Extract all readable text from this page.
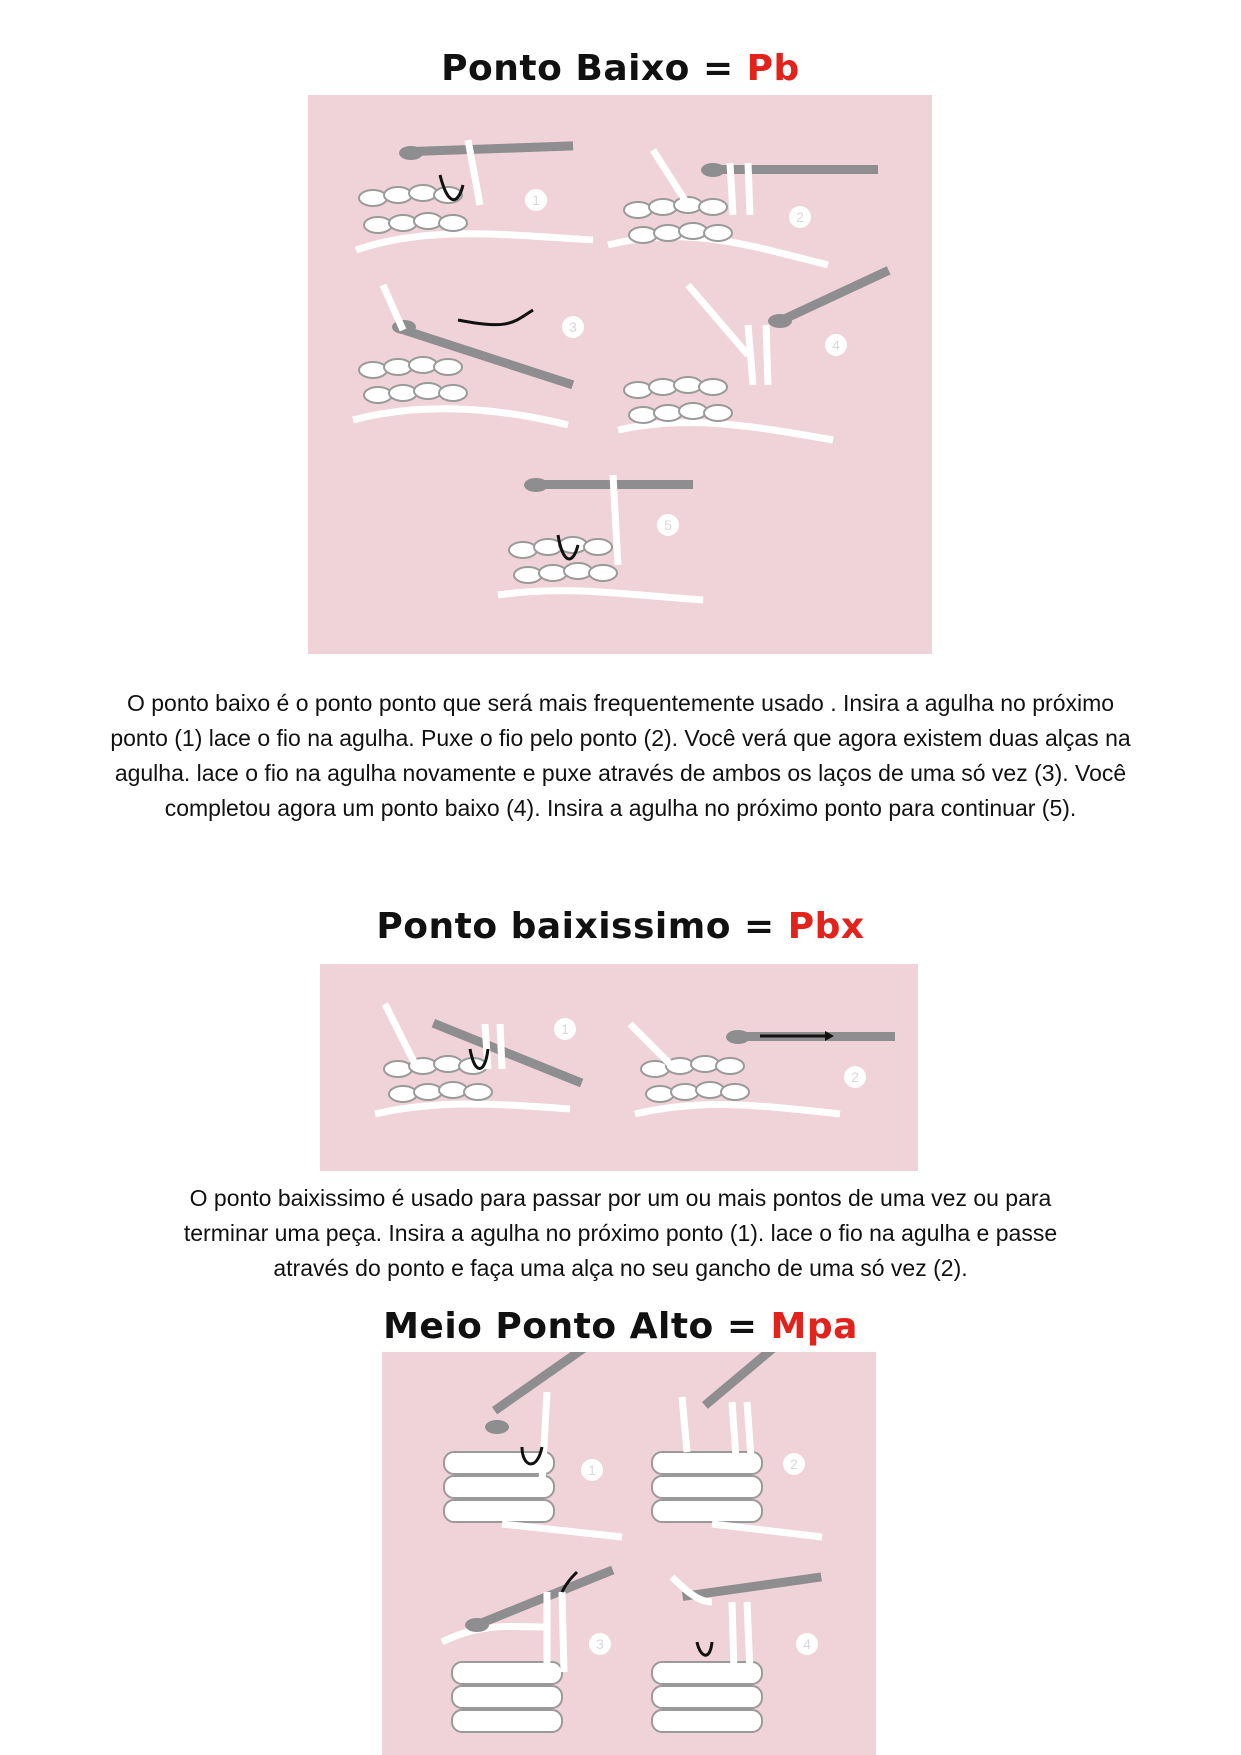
Ponto Baixo = Pb
1
2
3
4
5
O ponto baixo é o ponto ponto que será mais frequentemente usado . Insira a agulha no próximo
ponto (1) lace o fio na agulha. Puxe o fio pelo ponto (2). Você verá que agora existem duas alças na
agulha. lace o fio na agulha novamente e puxe através de ambos os laços de uma só vez (3). Você
completou agora um ponto baixo (4). Insira a agulha no próximo ponto para continuar (5).
Ponto baixissimo = Pbx
1
2
O ponto baixissimo é usado para passar por um ou mais pontos de uma vez ou para
terminar uma peça. Insira a agulha no próximo ponto (1). lace o fio na agulha e passe
através do ponto e faça uma alça no seu gancho de uma só vez (2).
Meio Ponto Alto = Mpa
1	2
3	4
